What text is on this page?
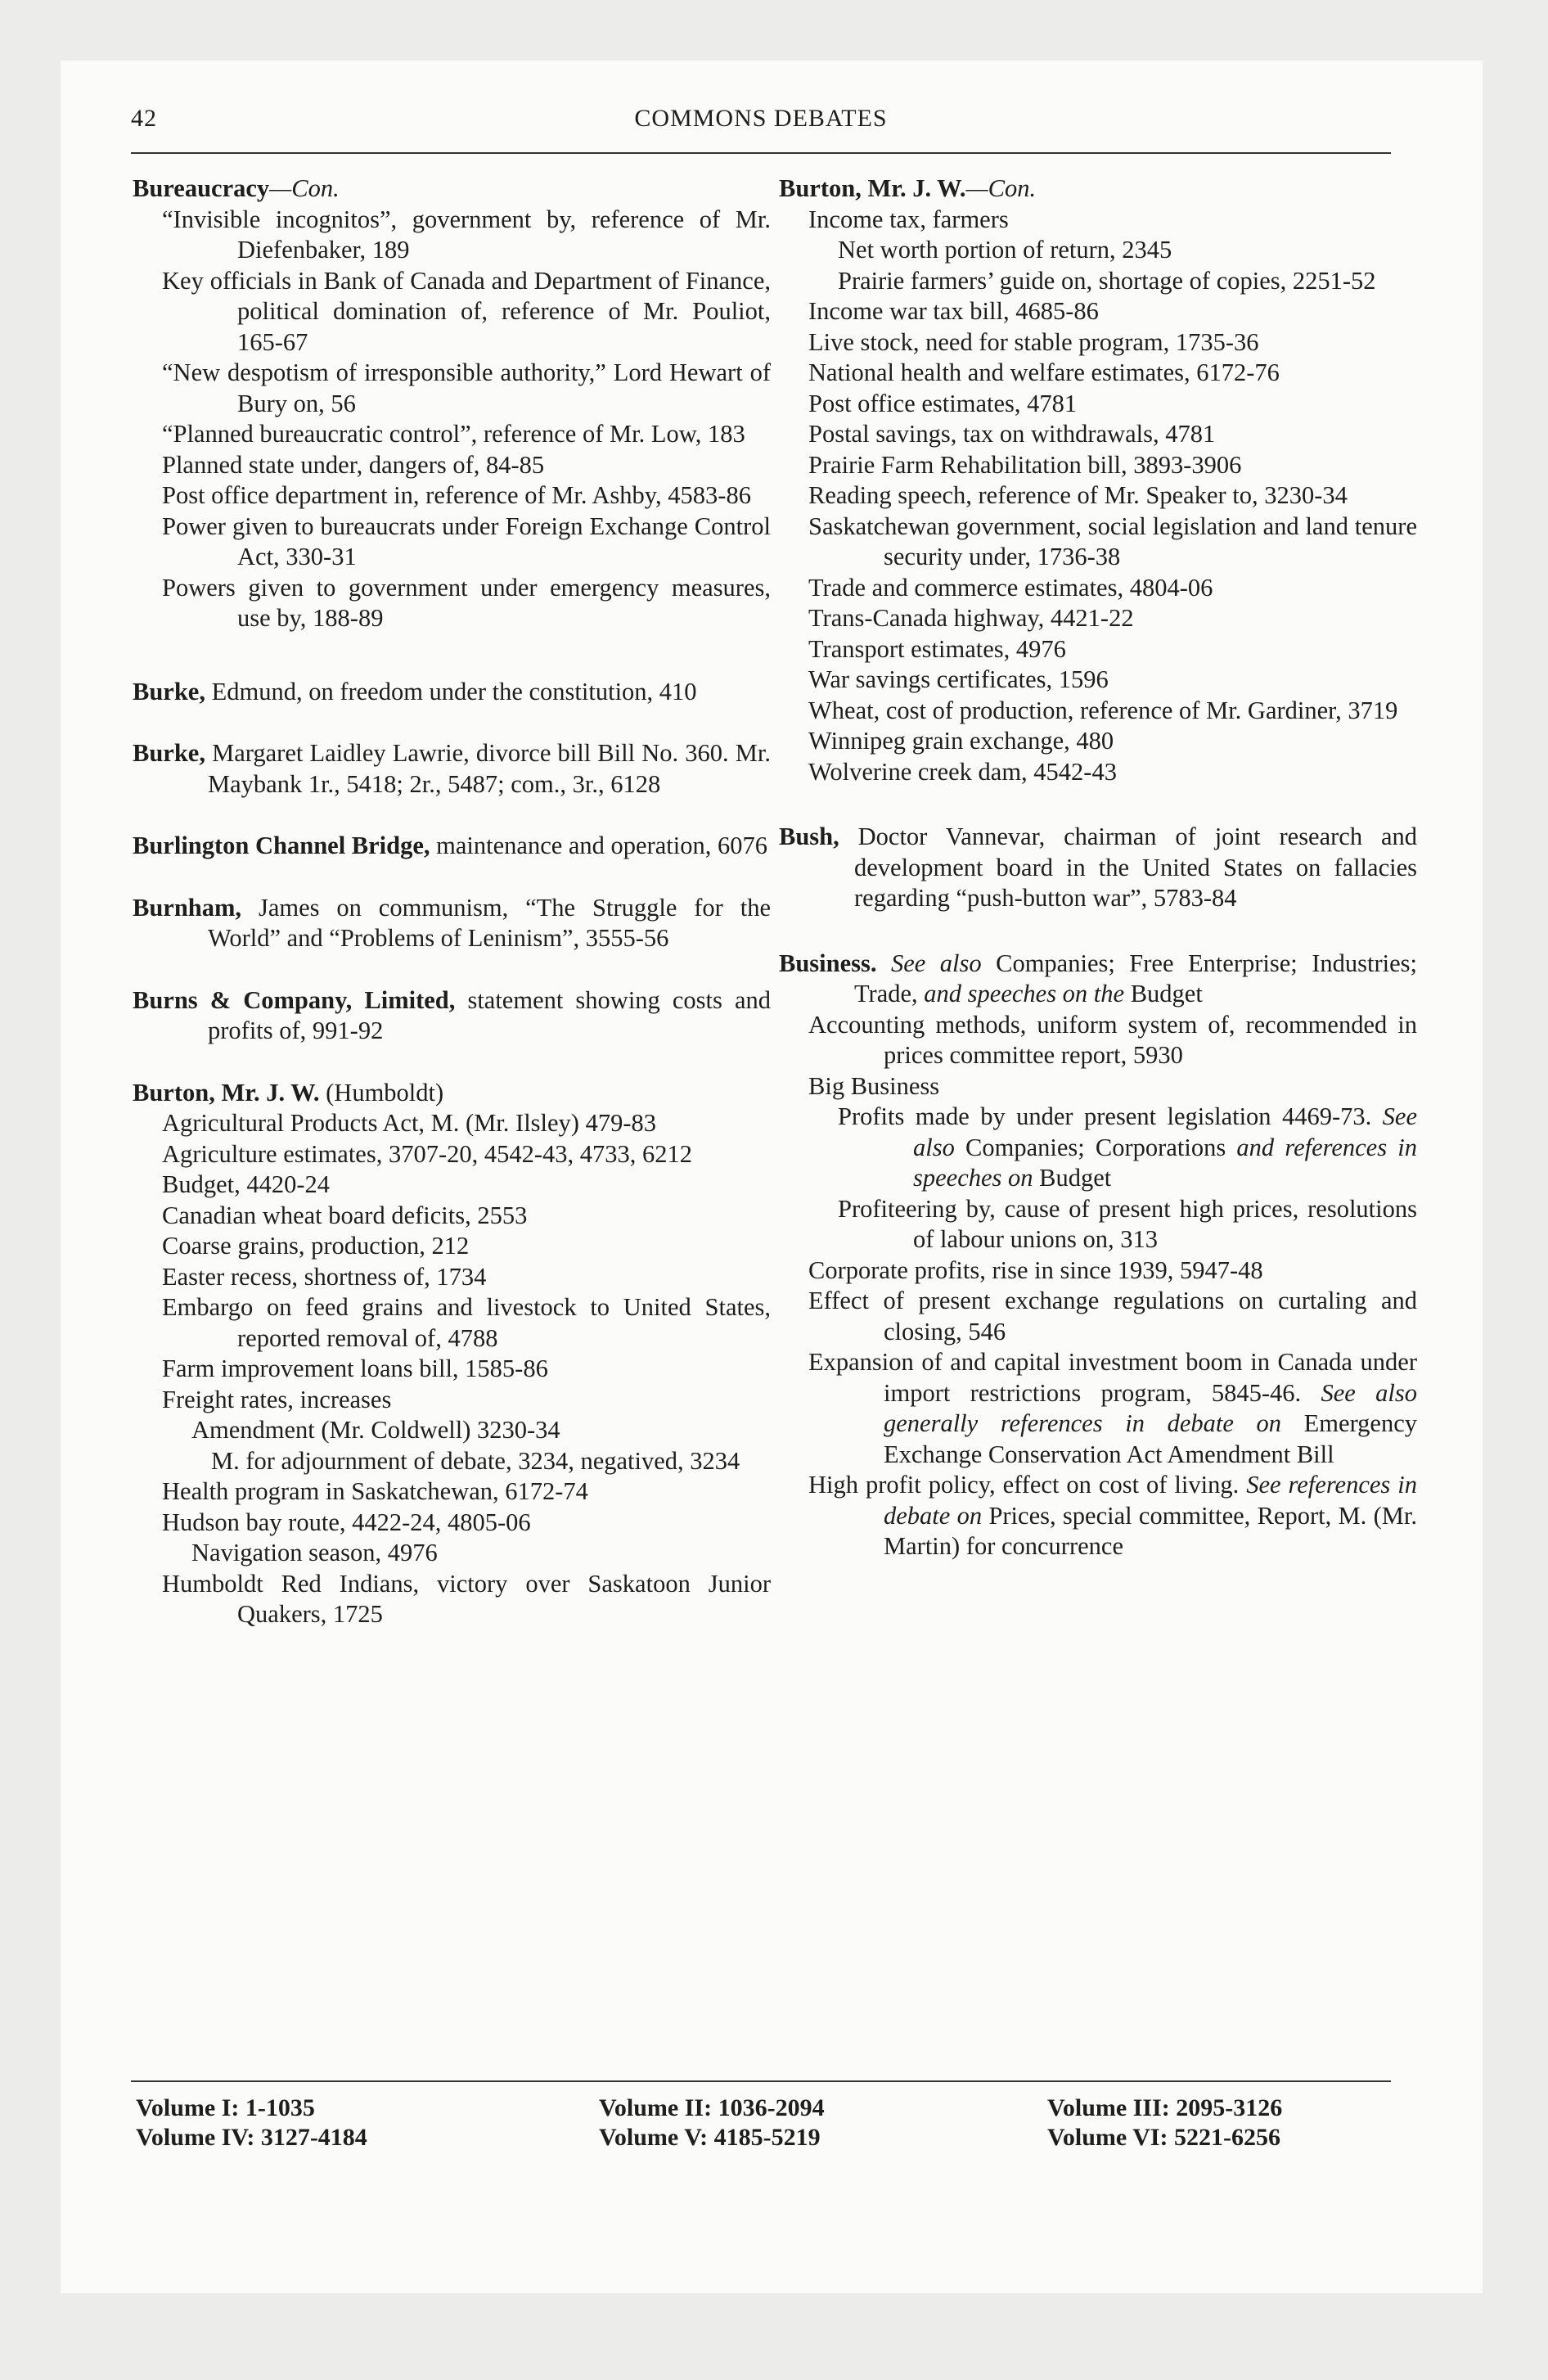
42	COMMONS DEBATES
Bureaucracy—Con.
“Invisible incognitos”, government by, reference of Mr. Diefenbaker, 189
Key officials in Bank of Canada and Department of Finance, political domination of, reference of Mr. Pouliot, 165-67
“New despotism of irresponsible authority,” Lord Hewart of Bury on, 56
“Planned bureaucratic control”, reference of Mr. Low, 183
Planned state under, dangers of, 84-85
Post office department in, reference of Mr. Ashby, 4583-86
Power given to bureaucrats under Foreign Exchange Control Act, 330-31
Powers given to government under emergency measures, use by, 188-89
Burke, Edmund, on freedom under the constitution, 410
Burke, Margaret Laidley Lawrie, divorce bill Bill No. 360. Mr. Maybank 1r., 5418; 2r., 5487; com., 3r., 6128
Burlington Channel Bridge, maintenance and operation, 6076
Burnham, James on communism, “The Struggle for the World” and “Problems of Leninism”, 3555-56
Burns & Company, Limited, statement showing costs and profits of, 991-92
Burton, Mr. J. W. (Humboldt)
Agricultural Products Act, M. (Mr. Ilsley) 479-83
Agriculture estimates, 3707-20, 4542-43, 4733, 6212
Budget, 4420-24
Canadian wheat board deficits, 2553
Coarse grains, production, 212
Easter recess, shortness of, 1734
Embargo on feed grains and livestock to United States, reported removal of, 4788
Farm improvement loans bill, 1585-86
Freight rates, increases
Amendment (Mr. Coldwell) 3230-34
M. for adjournment of debate, 3234, negatived, 3234
Health program in Saskatchewan, 6172-74
Hudson bay route, 4422-24, 4805-06
Navigation season, 4976
Humboldt Red Indians, victory over Saskatoon Junior Quakers, 1725
Burton, Mr. J. W.—Con.
Income tax, farmers
Net worth portion of return, 2345
Prairie farmers’ guide on, shortage of copies, 2251-52
Income war tax bill, 4685-86
Live stock, need for stable program, 1735-36
National health and welfare estimates, 6172-76
Post office estimates, 4781
Postal savings, tax on withdrawals, 4781
Prairie Farm Rehabilitation bill, 3893-3906
Reading speech, reference of Mr. Speaker to, 3230-34
Saskatchewan government, social legislation and land tenure security under, 1736-38
Trade and commerce estimates, 4804-06
Trans-Canada highway, 4421-22
Transport estimates, 4976
War savings certificates, 1596
Wheat, cost of production, reference of Mr. Gardiner, 3719
Winnipeg grain exchange, 480
Wolverine creek dam, 4542-43
Bush, Doctor Vannevar, chairman of joint research and development board in the United States on fallacies regarding “push-button war”, 5783-84
Business. See also Companies; Free Enterprise; Industries; Trade, and speeches on the Budget
Accounting methods, uniform system of, recommended in prices committee report, 5930
Big Business
Profits made by under present legislation 4469-73. See also Companies; Corporations and references in speeches on Budget
Profiteering by, cause of present high prices, resolutions of labour unions on, 313
Corporate profits, rise in since 1939, 5947-48
Effect of present exchange regulations on curtaling and closing, 546
Expansion of and capital investment boom in Canada under import restrictions program, 5845-46. See also generally references in debate on Emergency Exchange Conservation Act Amendment Bill
High profit policy, effect on cost of living. See references in debate on Prices, special committee, Report, M. (Mr. Martin) for concurrence
Volume I: 1-1035
Volume IV: 3127-4184
Volume II: 1036-2094
Volume V: 4185-5219
Volume III: 2095-3126
Volume VI: 5221-6256
